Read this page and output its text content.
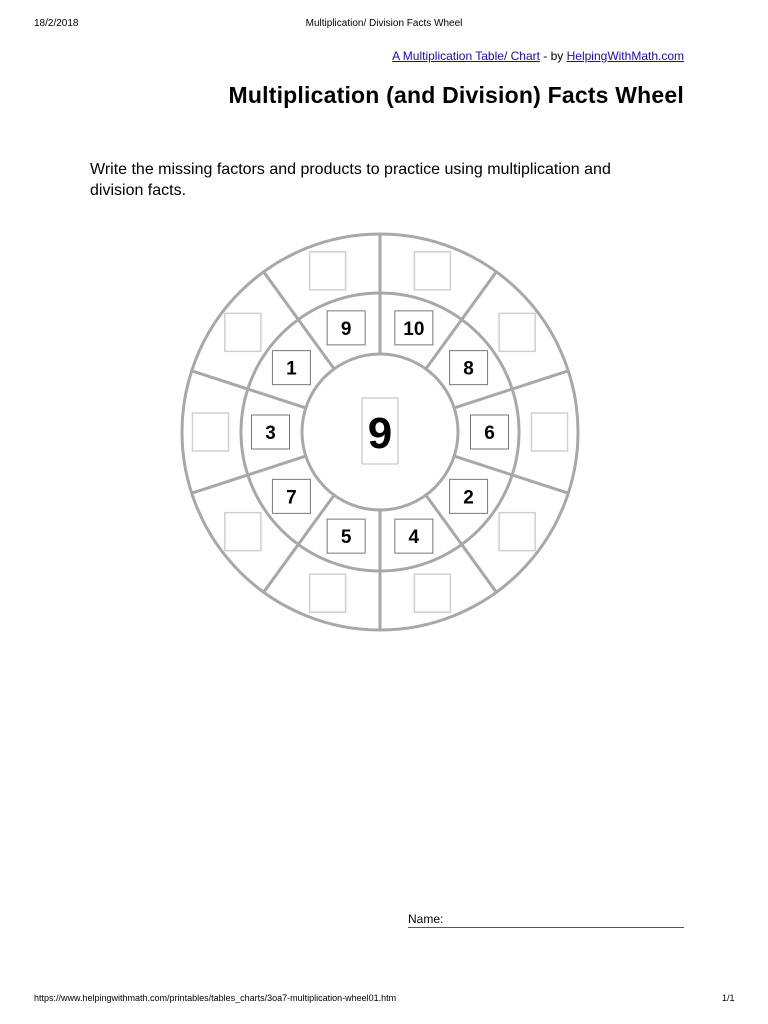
18/2/2018	Multiplication/ Division Facts Wheel
A Multiplication Table/ Chart - by HelpingWithMath.com
Multiplication (and Division) Facts Wheel
Write the missing factors and products to practice using multiplication and division facts.
10
8
6
2
4
5
7
3
1
9
9
Name:
https://www.helpingwithmath.com/printables/tables_charts/3oa7-multiplication-wheel01.htm	1/1
